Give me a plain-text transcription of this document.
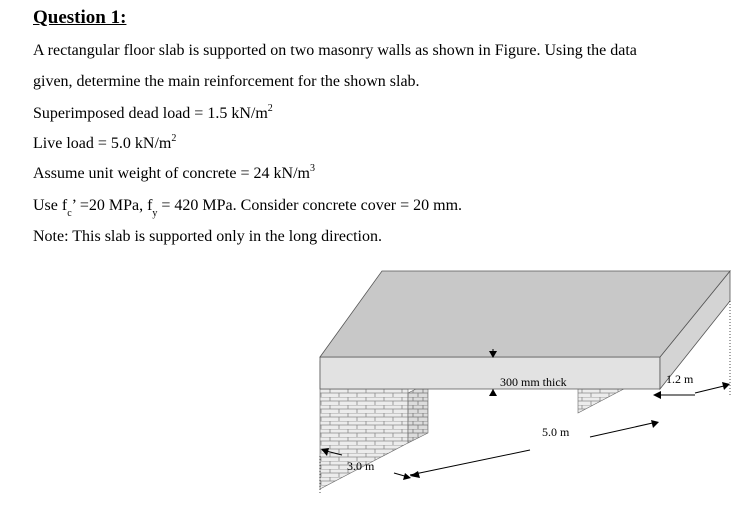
Question 1:

A rectangular floor slab is supported on two masonry walls as shown in Figure. Using the data

given, determine the main reinforcement for the shown slab.

Superimposed dead load = 1.5 $kN/m^2$

Live load = 5.0 $kN/m^2$

Assume unit weight of concrete = 24 $kN/m^3$

Use $f_c$’ =20 MPa, $f_y = 420$ MPa. Consider concrete cover = 20 mm.

Note: This slab is supported only in the long direction.

300 mm thick	1.2 m
5.0 m
3.0 m
